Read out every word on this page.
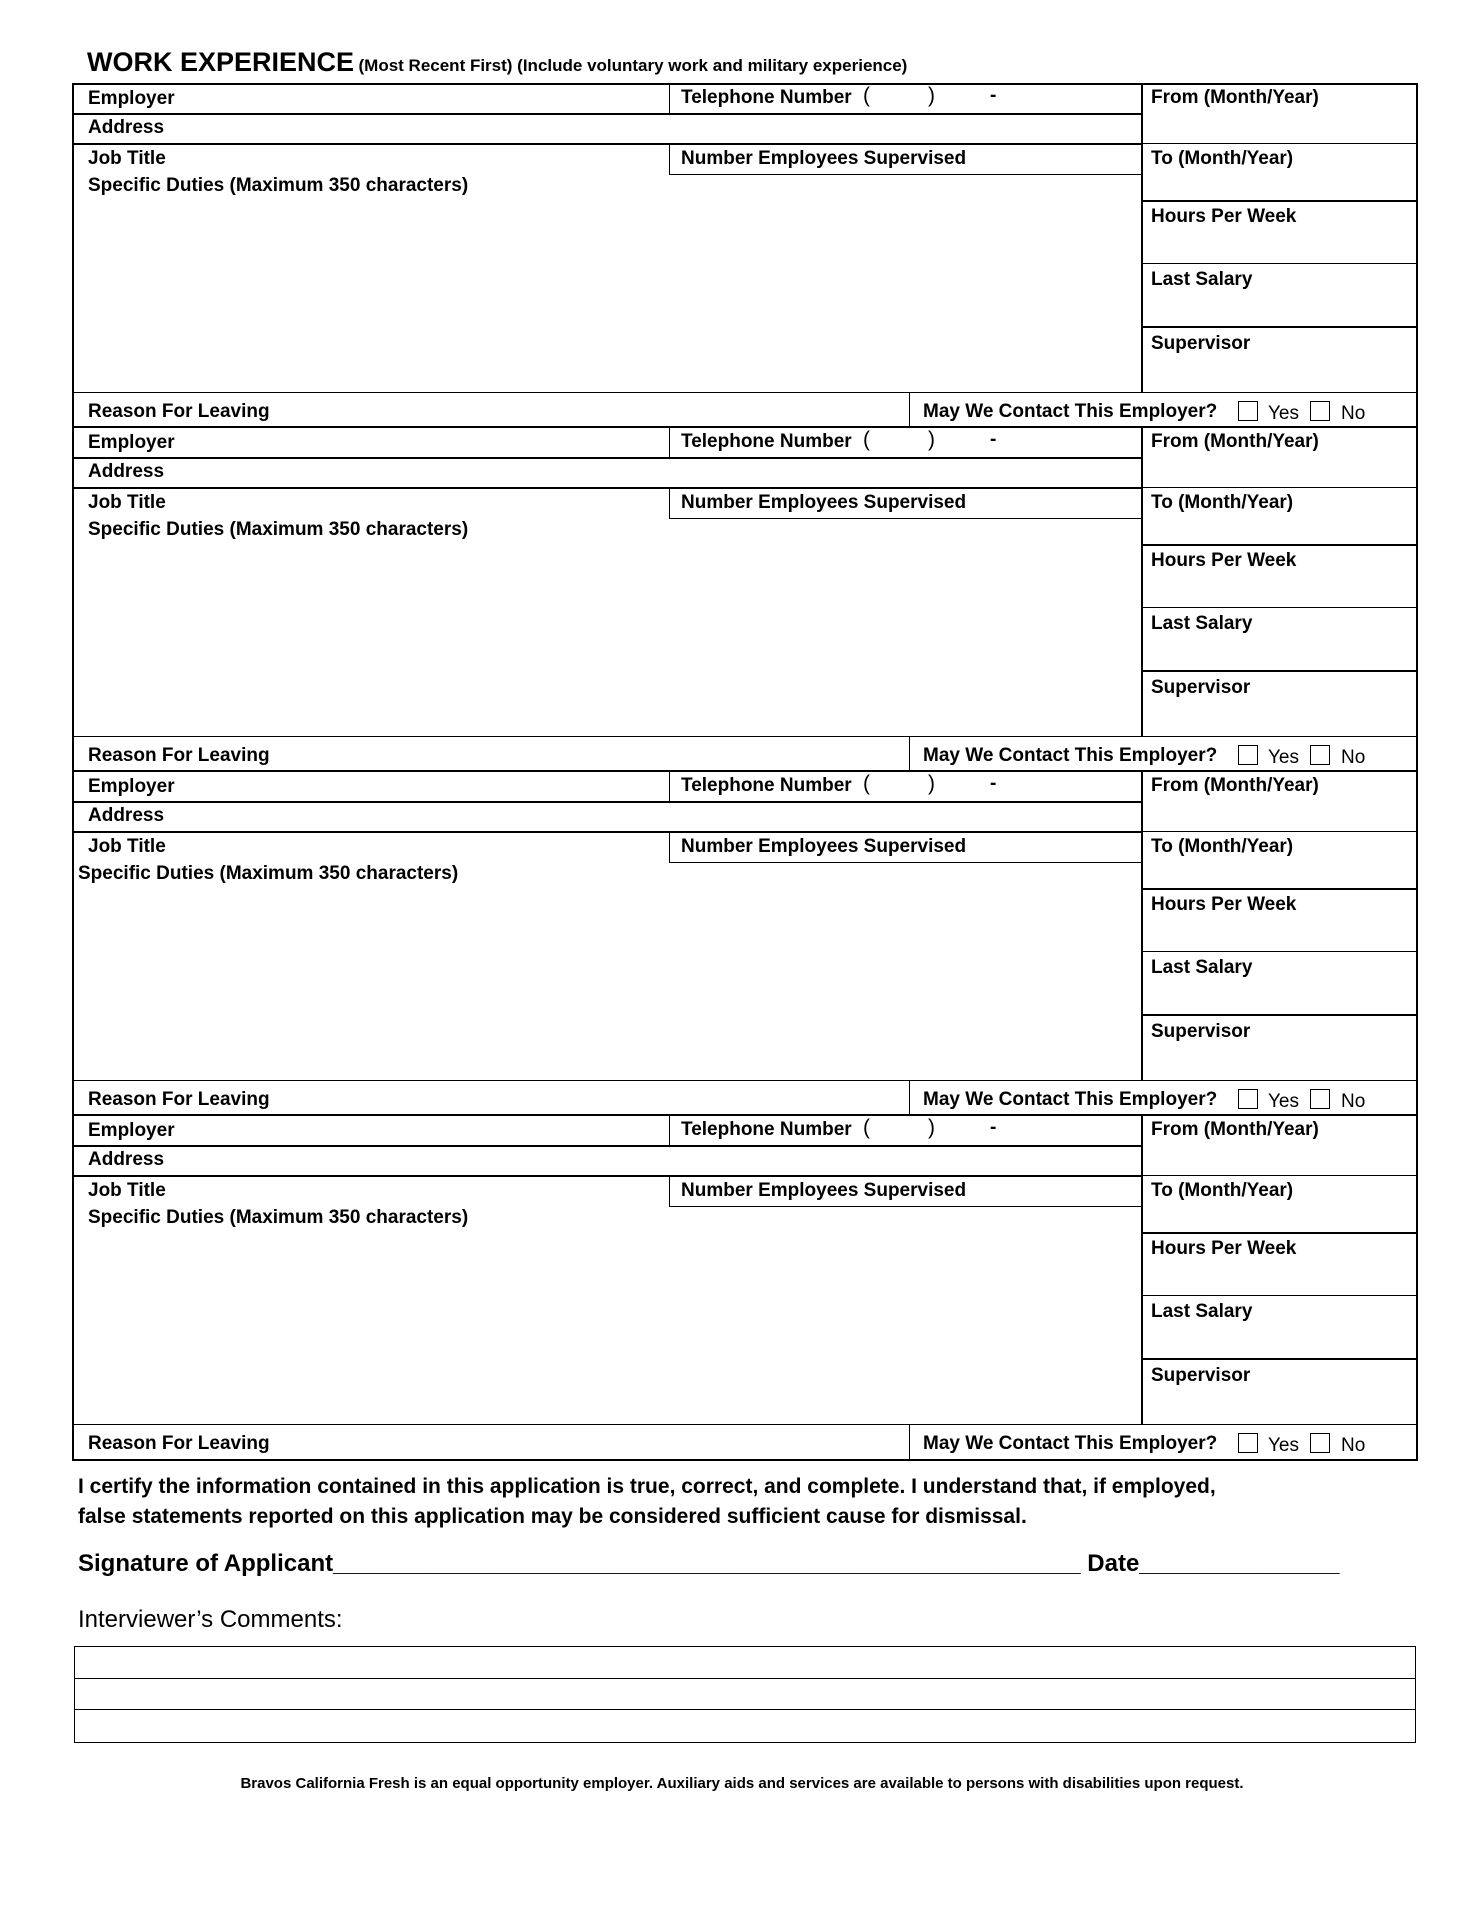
WORK EXPERIENCE (Most Recent First) (Include voluntary work and military experience)
Employer	Telephone Number (	)	-	From (Month/Year)
Address
Job Title	Number Employees Supervised	To (Month/Year)
Specific Duties (Maximum 350 characters)
Hours Per Week
Last Salary
Supervisor
Reason For Leaving	May We Contact This Employer?	Yes No
Employer	Telephone Number (	)	-	From (Month/Year)
Address
Job Title	Number Employees Supervised	To (Month/Year)
Specific Duties (Maximum 350 characters)
Hours Per Week
Last Salary
Supervisor
Reason For Leaving	May We Contact This Employer?	Yes No
Employer	Telephone Number (	)	-	From (Month/Year)
Address
Job Title	Number Employees Supervised	To (Month/Year)
Specific Duties (Maximum 350 characters)
Hours Per Week
Last Salary
Supervisor
Reason For Leaving	May We Contact This Employer?	Yes No
Employer	Telephone Number (	)	-	From (Month/Year)
Address
Job Title	Number Employees Supervised	To (Month/Year)
Specific Duties (Maximum 350 characters)
Hours Per Week
Last Salary
Supervisor
Reason For Leaving	May We Contact This Employer?	Yes No
I certify the information contained in this application is true, correct, and complete. I understand that, if employed,
false statements reported on this application may be considered sufficient cause for dismissal.
Signature of Applicant________________________________________________________ Date_______________
Interviewer’s Comments:
Bravos California Fresh is an equal opportunity employer. Auxiliary aids and services are available to persons with disabilities upon request.
